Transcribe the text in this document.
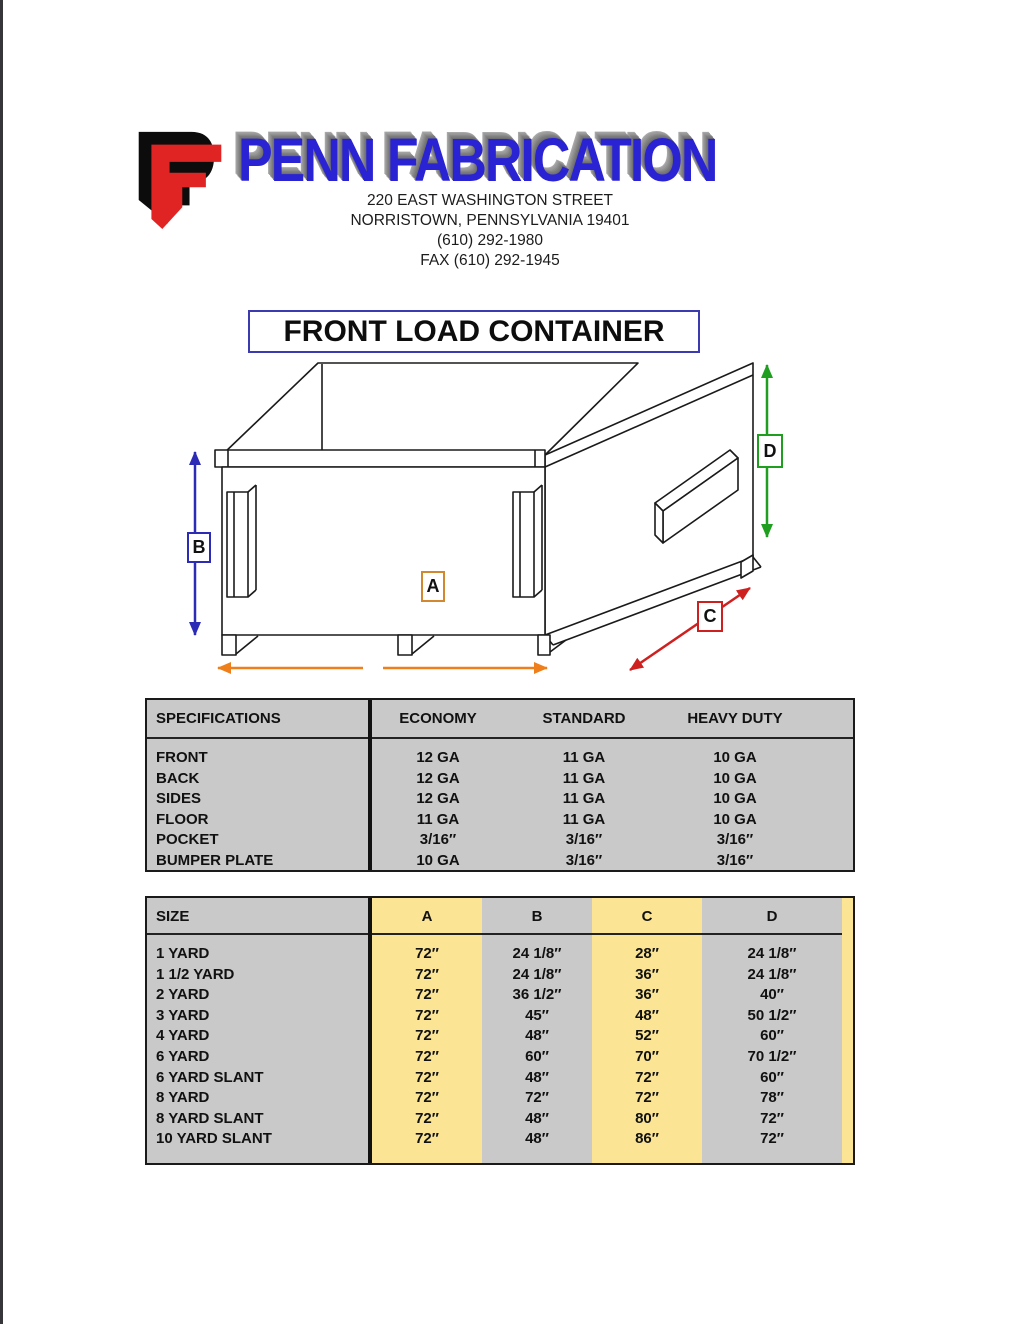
PENN FABRICATION
220 EAST WASHINGTON STREET
NORRISTOWN, PENNSYLVANIA 19401
(610) 292-1980
FAX (610) 292-1945
FRONT LOAD CONTAINER
A
B
C
D
SPECIFICATIONS	ECONOMY	STANDARD	HEAVY DUTY
FRONT	12 GA	11 GA	10 GA
BACK	12 GA	11 GA	10 GA
SIDES	12 GA	11 GA	10 GA
FLOOR	11 GA	11 GA	10 GA
POCKET	3/16″	3/16″	3/16″
BUMPER PLATE	10 GA	3/16″	3/16″
SIZE	A	B	C	D
1 YARD	72″	24 1/8″	28″	24 1/8″
1 1/2 YARD	72″	24 1/8″	36″	24 1/8″
2 YARD	72″	36 1/2″	36″	40″
3 YARD	72″	45″	48″	50 1/2″
4 YARD	72″	48″	52″	60″
6 YARD	72″	60″	70″	70 1/2″
6 YARD SLANT	72″	48″	72″	60″
8 YARD	72″	72″	72″	78″
8 YARD SLANT	72″	48″	80″	72″
10 YARD SLANT	72″	48″	86″	72″
